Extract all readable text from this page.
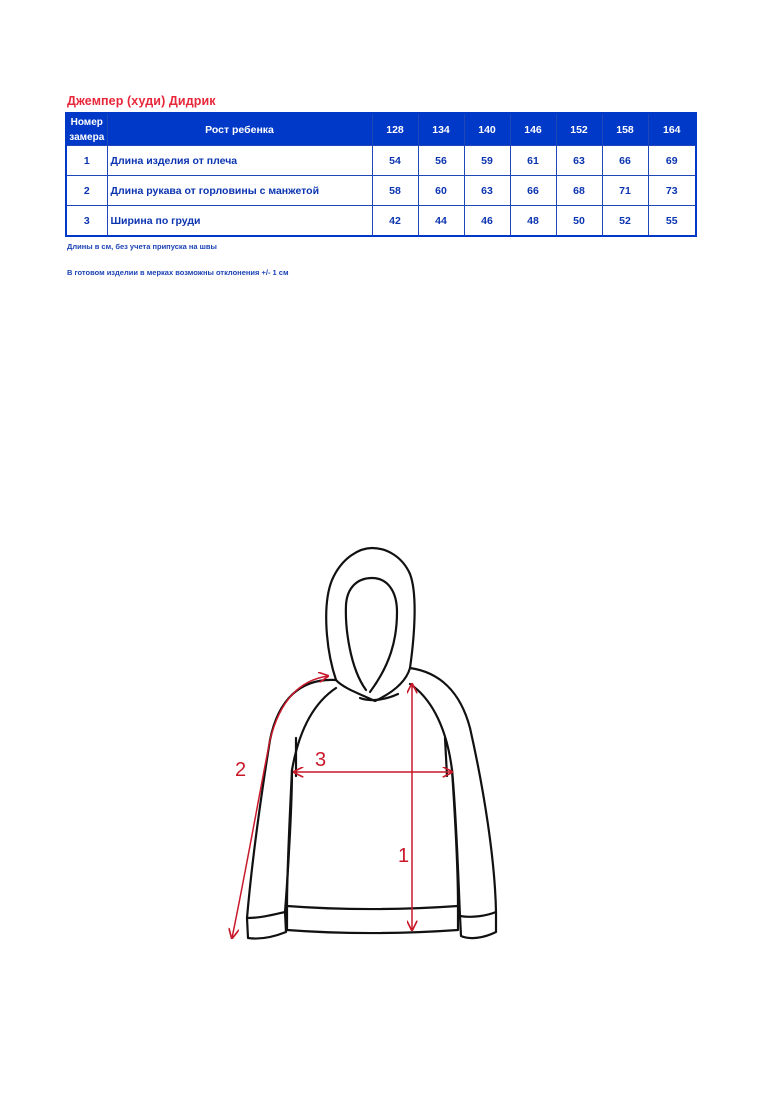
Джемпер (худи) Дидрик
Номер
замера	Рост ребенка	128	134	140	146	152	158	164
1	Длина изделия от плеча	54	56	59	61	63	66	69
2	Длина рукава от горловины с манжетой	58	60	63	66	68	71	73
3	Ширина по груди	42	44	46	48	50	52	55
Длины в см, без учета припуска на швы
В готовом изделии в мерках возможны отклонения +/- 1 см
3
1
2
